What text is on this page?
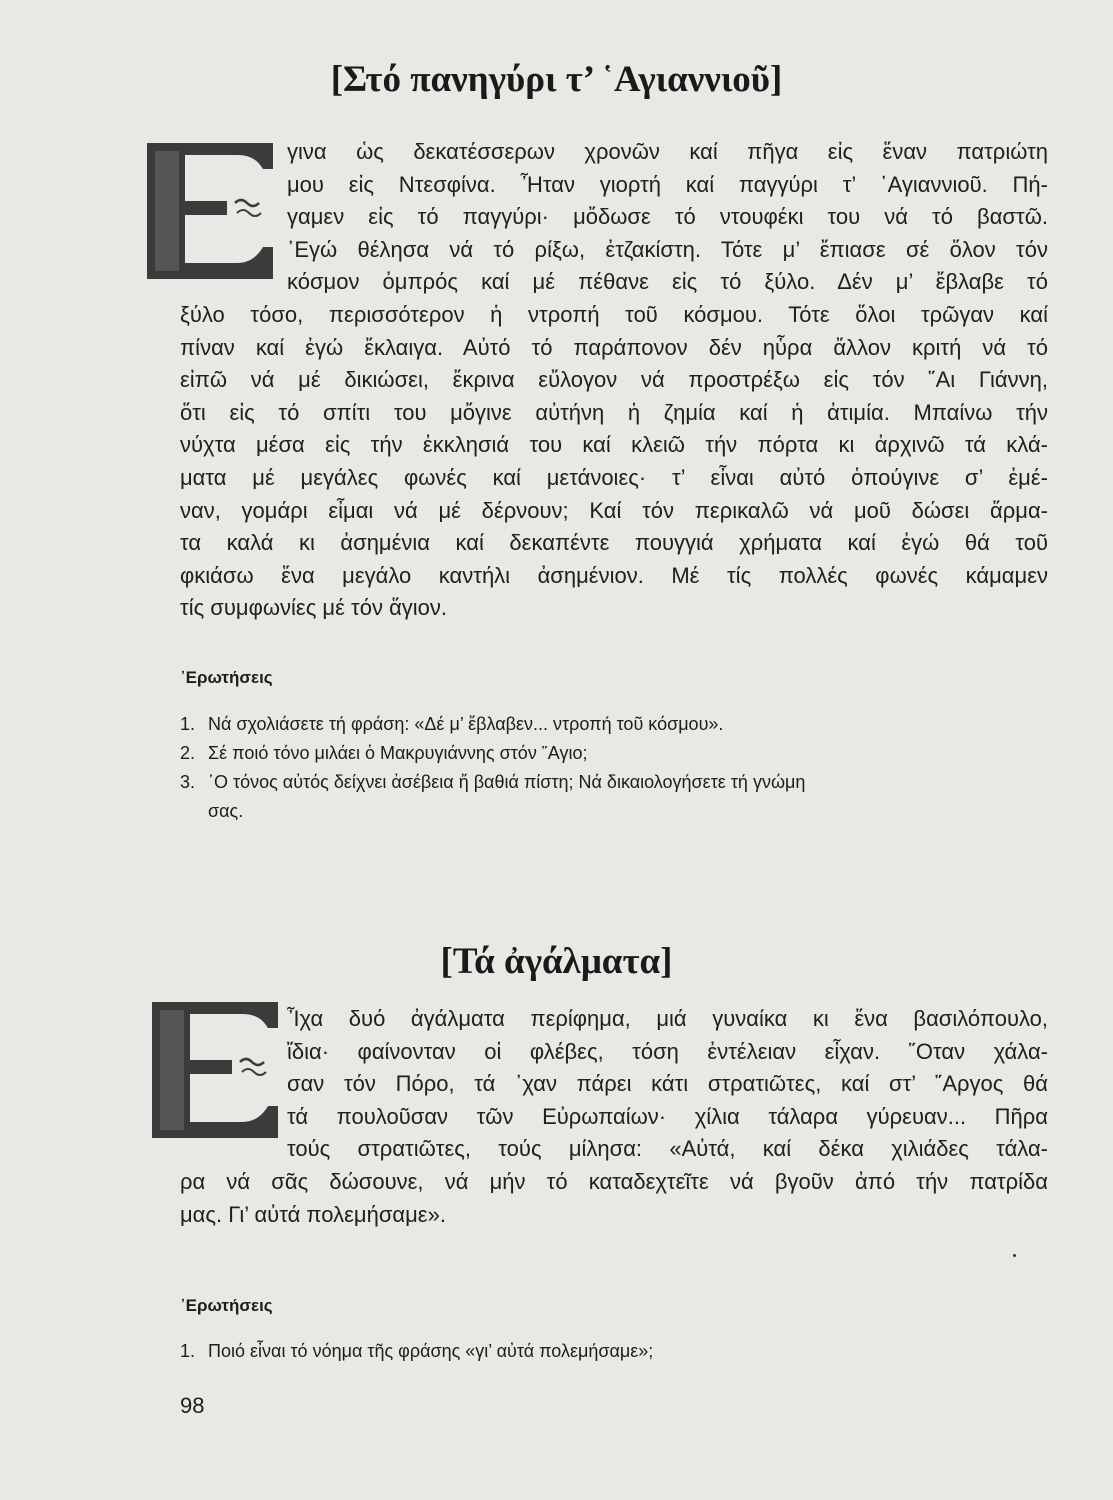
[Στό πανηγύρι τ’ ῾Αγιαννιοῦ]
γινα ὡς δεκατέσσερων χρονῶν καί πῆγα εἰς ἕναν πατριώτη
μου εἰς Ντεσφίνα. Ἦταν γιορτή καί παγγύρι τ’ ῾Αγιαννιοῦ. Πή-
γαμεν εἰς τό παγγύρι· μὄδωσε τό ντουφέκι του νά τό βαστῶ.
᾿Εγώ θέλησα νά τό ρίξω, ἐτζακίστη. Τότε μ’ ἔπιασε σέ ὅλον τόν
κόσμον ὀμπρός καί μέ πέθανε εἰς τό ξύλο. Δέν μ’ ἔβλαβε τό
ξύλο τόσο, περισσότερον ἡ ντροπή τοῦ κόσμου. Τότε ὅλοι τρῶγαν καί
πίναν καί ἐγώ ἔκλαιγα. Αὐτό τό παράπονον δέν ηὗρα ἄλλον κριτή νά τό
εἰπῶ νά μέ δικιώσει, ἔκρινα εὔλογον νά προστρέξω εἰς τόν ῞Αι Γιάννη,
ὅτι εἰς τό σπίτι του μὄγινε αὐτήνη ἡ ζημία καί ἡ ἀτιμία. Μπαίνω τήν
νύχτα μέσα εἰς τήν ἐκκλησιά του καί κλειῶ τήν πόρτα κι ἀρχινῶ τά κλά-
ματα μέ μεγάλες φωνές καί μετάνοιες· τ’ εἶναι αὐτό ὁπούγινε σ’ ἐμέ-
ναν, γομάρι εἶμαι νά μέ δέρνουν; Καί τόν περικαλῶ νά μοῦ δώσει ἅρμα-
τα καλά κι ἀσημένια καί δεκαπέντε πουγγιά χρήματα καί ἐγώ θά τοῦ
φκιάσω ἕνα μεγάλο καντήλι ἀσημένιον. Μέ τίς πολλές φωνές κάμαμεν
τίς συμφωνίες μέ τόν ἅγιον.
᾿Ερωτήσεις
1. Νά σχολιάσετε τή φράση: «Δέ μ’ ἔβλαβεν... ντροπή τοῦ κόσμου».
2. Σέ ποιό τόνο μιλάει ὁ Μακρυγιάννης στόν ῞Αγιο;
3. ῾Ο τόνος αὐτός δείχνει ἀσέβεια ἤ βαθιά πίστη; Νά δικαιολογήσετε τή γνώμη
σας.
[Τά ἀγάλματα]
Ἶχα δυό ἀγάλματα περίφημα, μιά γυναίκα κι ἕνα βασιλόπουλο,
ἴδια· φαίνονταν οἱ φλέβες, τόση ἐντέλειαν εἶχαν. ῞Οταν χάλα-
σαν τόν Πόρο, τά ᾿χαν πάρει κάτι στρατιῶτες, καί στ’ ῎Αργος θά
τά πουλοῦσαν τῶν Εὐρωπαίων· χίλια τάλαρα γύρευαν... Πῆρα
τούς στρατιῶτες, τούς μίλησα: «Αὐτά, καί δέκα χιλιάδες τάλα-
ρα νά σᾶς δώσουνε, νά μήν τό καταδεχτεῖτε νά βγοῦν ἀπό τήν πατρίδα
μας. Γι’ αὐτά πολεμήσαμε».
᾿Ερωτήσεις
1. Ποιό εἶναι τό νόημα τῆς φράσης «γι’ αὐτά πολεμήσαμε»;
98
